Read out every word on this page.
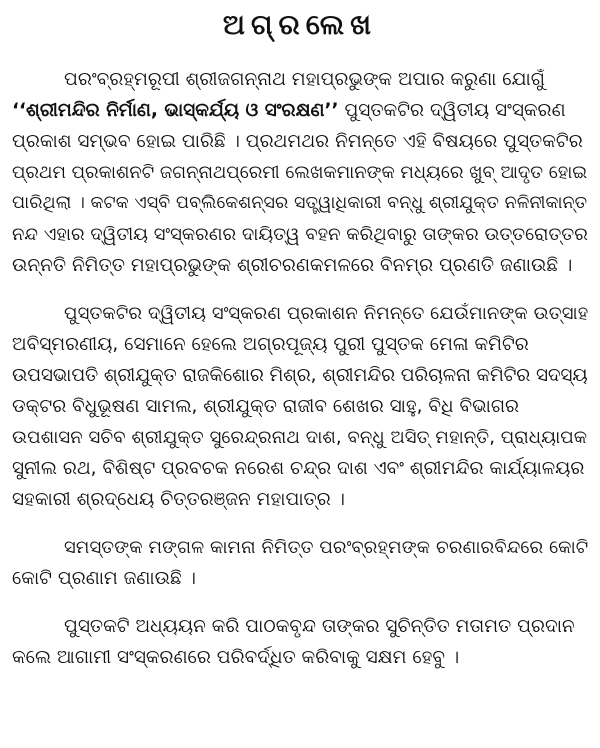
ଅଗ୍ରଲେଖ
ପରଂବ୍ରହ୍ମରୂପୀ ଶ୍ରୀଜଗନ୍ନାଥ ମହାପ୍ରଭୁଙ୍କ ଅପାର କରୁଣା ଯୋଗୁଁ
‘‘ଶ୍ରୀମନ୍ଦିର ନିର୍ମାଣ, ଭାସ୍କର୍ଯ୍ୟ ଓ ସଂରକ୍ଷଣ’’ ପୁସ୍ତକଟିର ଦ୍ୱିତୀୟ ସଂସ୍କରଣ
ପ୍ରକାଶ ସମ୍ଭବ ହୋଇ ପାରିଛି । ପ୍ରଥମଥର ନିମନ୍ତେ ଏହି ବିଷୟରେ ପୁସ୍ତକଟିର
ପ୍ରଥମ ପ୍ରକାଶନଟି ଜଗନ୍ନାଥପ୍ରେମୀ ଲେଖକମାନଙ୍କ ମଧ୍ୟରେ ଖୁବ୍ ଆଦୃତ ହୋଇ
ପାରିଥିଲା । କଟକ ଏସ୍‌ବି ପବ୍ଲିକେଶନ୍ସର ସତ୍ତ୍ୱାଧିକାରୀ ବନ୍ଧୁ ଶ୍ରୀଯୁକ୍ତ ନଳିନୀକାନ୍ତ
ନନ୍ଦ ଏହାର ଦ୍ୱିତୀୟ ସଂସ୍କରଣର ଦାୟିତ୍ୱ ବହନ କରିଥିବାରୁ ତାଙ୍କର ଉତ୍ତରୋତ୍ତର
ଉନ୍ନତି ନିମିତ୍ତ ମହାପ୍ରଭୁଙ୍କ ଶ୍ରୀଚରଣକମଳରେ ବିନମ୍ର ପ୍ରଣତି ଜଣାଉଛି ।
ପୁସ୍ତକଟିର ଦ୍ୱିତୀୟ ସଂସ୍କରଣ ପ୍ରକାଶନ ନିମନ୍ତେ ଯେଉଁମାନଙ୍କ ଉତ୍ସାହ
ଅବିସ୍ମରଣୀୟ, ସେମାନେ ହେଲେ ଅଗ୍ରପୂଜ୍ୟ ପୁରୀ ପୁସ୍ତକ ମେଳା କମିଟିର
ଉପସଭାପତି ଶ୍ରୀଯୁକ୍ତ ରାଜକିଶୋର ମିଶ୍ର, ଶ୍ରୀମନ୍ଦିର ପରିଚାଳନା କମିଟିର ସଦସ୍ୟ
ଡକ୍ଟର ବିଧୁଭୂଷଣ ସାମଲ, ଶ୍ରୀଯୁକ୍ତ ରାଜୀବ ଶେଖର ସାହୁ, ବିଧି ବିଭାଗର
ଉପଶାସନ ସଚିବ ଶ୍ରୀଯୁକ୍ତ ସୁରେନ୍ଦ୍ରନାଥ ଦାଶ, ବନ୍ଧୁ ଅସିତ୍ ମହାନ୍ତି, ପ୍ରାଧ୍ୟାପକ
ସୁନୀଲ ରଥ, ବିଶିଷ୍ଟ ପ୍ରବଚକ ନରେଶ ଚନ୍ଦ୍ର ଦାଶ ଏବଂ ଶ୍ରୀମନ୍ଦିର କାର୍ଯ୍ୟାଳୟର
ସହକାରୀ ଶ୍ରଦ୍ଧେୟ ଚିତ୍ତରଞ୍ଜନ ମହାପାତ୍ର ।
ସମସ୍ତଙ୍କ ମଙ୍ଗଳ କାମନା ନିମିତ୍ତ ପରଂବ୍ରହ୍ମଙ୍କ ଚରଣାରବିନ୍ଦରେ କୋଟି
କୋଟି ପ୍ରଣାମ ଜଣାଉଛି ।
ପୁସ୍ତକଟି ଅଧ୍ୟୟନ କରି ପାଠକବୃନ୍ଦ ତାଙ୍କର ସୁଚିନ୍ତିତ ମତାମତ ପ୍ରଦାନ
କଲେ ଆଗାମୀ ସଂସ୍କରଣରେ ପରିବର୍ଦ୍ଧିତ କରିବାକୁ ସକ୍ଷମ ହେବୁ ।
